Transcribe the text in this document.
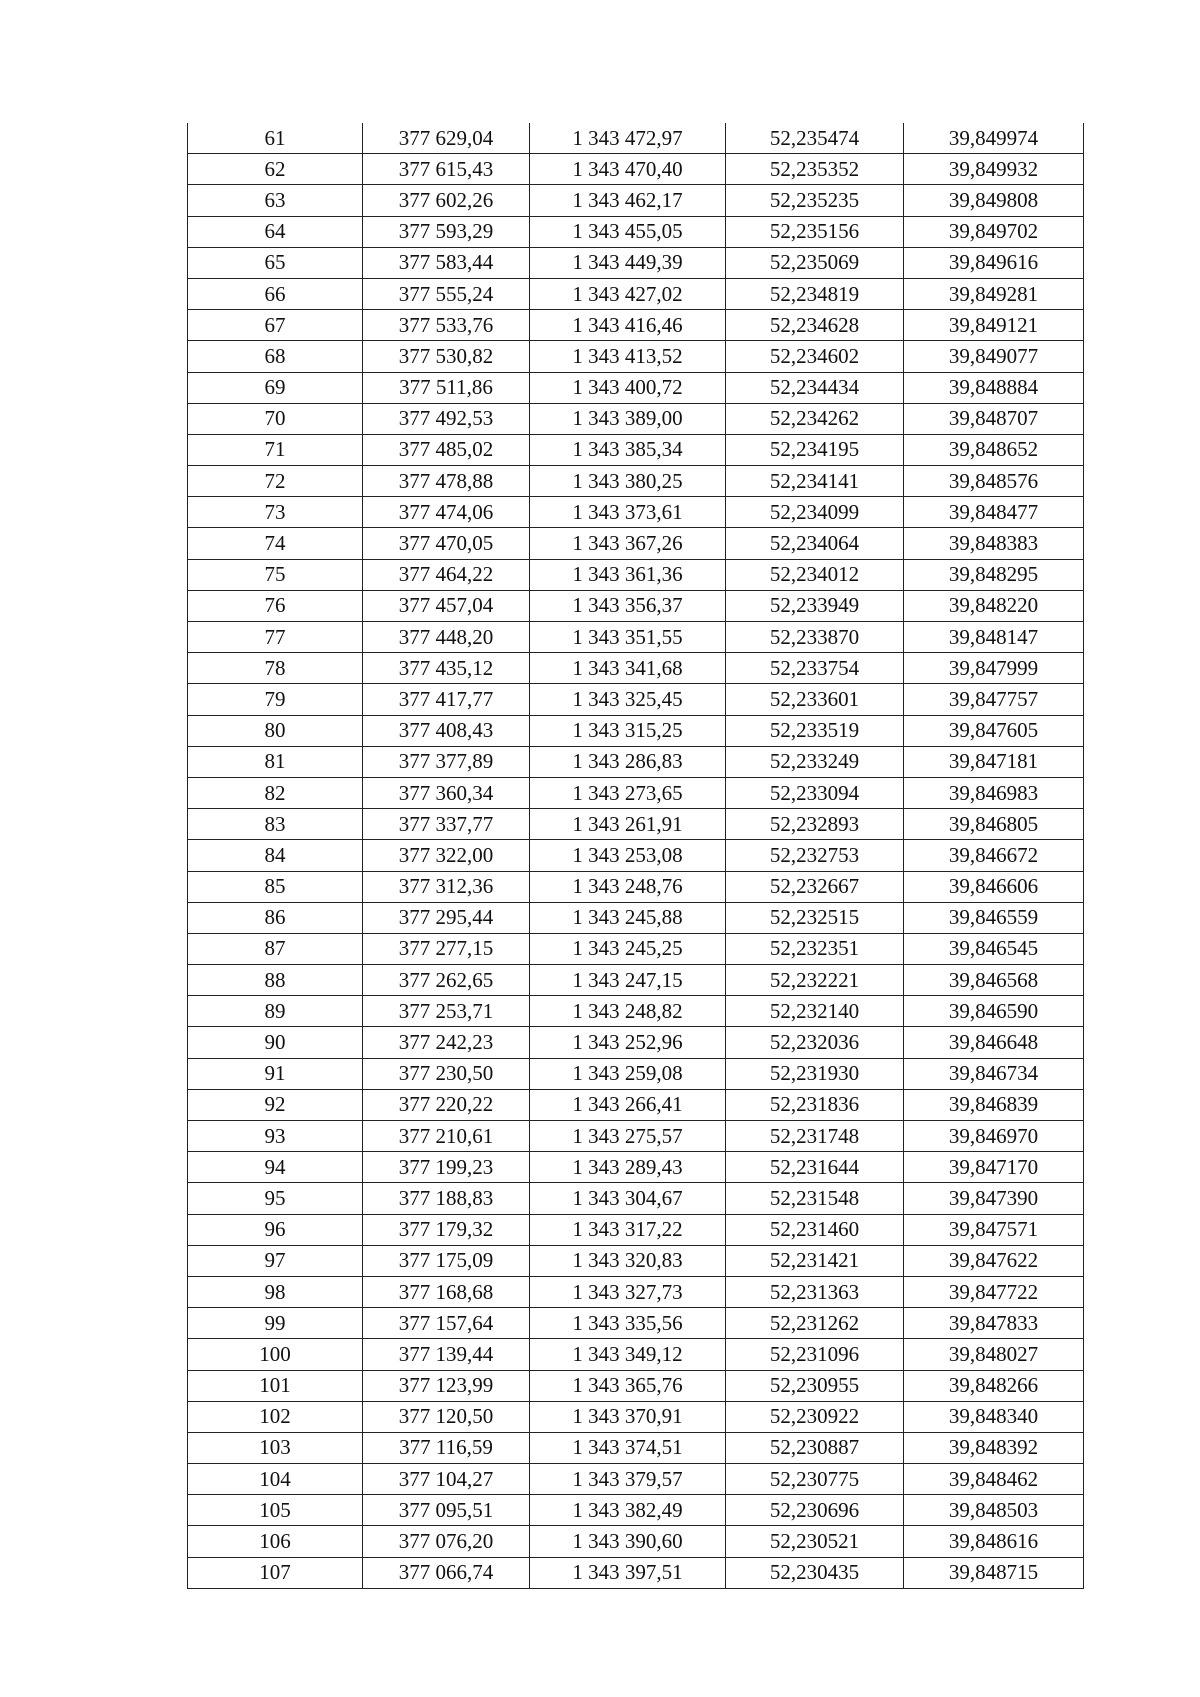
61	377 629,04	1 343 472,97	52,235474	39,849974
62	377 615,43	1 343 470,40	52,235352	39,849932
63	377 602,26	1 343 462,17	52,235235	39,849808
64	377 593,29	1 343 455,05	52,235156	39,849702
65	377 583,44	1 343 449,39	52,235069	39,849616
66	377 555,24	1 343 427,02	52,234819	39,849281
67	377 533,76	1 343 416,46	52,234628	39,849121
68	377 530,82	1 343 413,52	52,234602	39,849077
69	377 511,86	1 343 400,72	52,234434	39,848884
70	377 492,53	1 343 389,00	52,234262	39,848707
71	377 485,02	1 343 385,34	52,234195	39,848652
72	377 478,88	1 343 380,25	52,234141	39,848576
73	377 474,06	1 343 373,61	52,234099	39,848477
74	377 470,05	1 343 367,26	52,234064	39,848383
75	377 464,22	1 343 361,36	52,234012	39,848295
76	377 457,04	1 343 356,37	52,233949	39,848220
77	377 448,20	1 343 351,55	52,233870	39,848147
78	377 435,12	1 343 341,68	52,233754	39,847999
79	377 417,77	1 343 325,45	52,233601	39,847757
80	377 408,43	1 343 315,25	52,233519	39,847605
81	377 377,89	1 343 286,83	52,233249	39,847181
82	377 360,34	1 343 273,65	52,233094	39,846983
83	377 337,77	1 343 261,91	52,232893	39,846805
84	377 322,00	1 343 253,08	52,232753	39,846672
85	377 312,36	1 343 248,76	52,232667	39,846606
86	377 295,44	1 343 245,88	52,232515	39,846559
87	377 277,15	1 343 245,25	52,232351	39,846545
88	377 262,65	1 343 247,15	52,232221	39,846568
89	377 253,71	1 343 248,82	52,232140	39,846590
90	377 242,23	1 343 252,96	52,232036	39,846648
91	377 230,50	1 343 259,08	52,231930	39,846734
92	377 220,22	1 343 266,41	52,231836	39,846839
93	377 210,61	1 343 275,57	52,231748	39,846970
94	377 199,23	1 343 289,43	52,231644	39,847170
95	377 188,83	1 343 304,67	52,231548	39,847390
96	377 179,32	1 343 317,22	52,231460	39,847571
97	377 175,09	1 343 320,83	52,231421	39,847622
98	377 168,68	1 343 327,73	52,231363	39,847722
99	377 157,64	1 343 335,56	52,231262	39,847833
100	377 139,44	1 343 349,12	52,231096	39,848027
101	377 123,99	1 343 365,76	52,230955	39,848266
102	377 120,50	1 343 370,91	52,230922	39,848340
103	377 116,59	1 343 374,51	52,230887	39,848392
104	377 104,27	1 343 379,57	52,230775	39,848462
105	377 095,51	1 343 382,49	52,230696	39,848503
106	377 076,20	1 343 390,60	52,230521	39,848616
107	377 066,74	1 343 397,51	52,230435	39,848715
